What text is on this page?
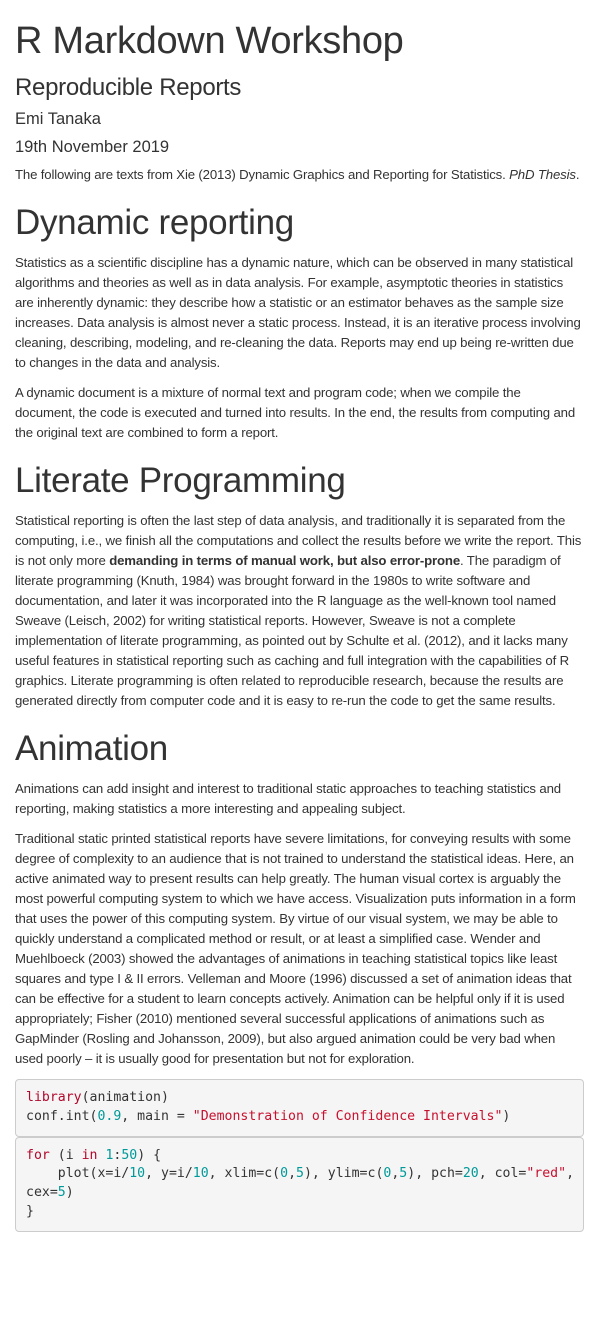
R Markdown Workshop
Reproducible Reports
Emi Tanaka
19th November 2019

The following are texts from Xie (2013) Dynamic Graphics and Reporting for Statistics. PhD Thesis.

Dynamic reporting

Statistics as a scientific discipline has a dynamic nature, which can be observed in many statistical algorithms and theories as well as in data analysis. For example, asymptotic theories in statistics are inherently dynamic: they describe how a statistic or an estimator behaves as the sample size increases. Data analysis is almost never a static process. Instead, it is an iterative process involving cleaning, describing, modeling, and re-cleaning the data. Reports may end up being re-written due to changes in the data and analysis.

A dynamic document is a mixture of normal text and program code; when we compile the document, the code is executed and turned into results. In the end, the results from computing and the original text are combined to form a report.

Literate Programming

Statistical reporting is often the last step of data analysis, and traditionally it is separated from the computing, i.e., we finish all the computations and collect the results before we write the report. This is not only more demanding in terms of manual work, but also error-prone. The paradigm of literate programming (Knuth, 1984) was brought forward in the 1980s to write software and documentation, and later it was incorporated into the R language as the well-known tool named Sweave (Leisch, 2002) for writing statistical reports. However, Sweave is not a complete implementation of literate programming, as pointed out by Schulte et al. (2012), and it lacks many useful features in statistical reporting such as caching and full integration with the capabilities of R graphics. Literate programming is often related to reproducible research, because the results are generated directly from computer code and it is easy to re-run the code to get the same results.

Animation

Animations can add insight and interest to traditional static approaches to teaching statistics and reporting, making statistics a more interesting and appealing subject.

Traditional static printed statistical reports have severe limitations, for conveying results with some degree of complexity to an audience that is not trained to understand the statistical ideas. Here, an active animated way to present results can help greatly. The human visual cortex is arguably the most powerful computing system to which we have access. Visualization puts information in a form that uses the power of this computing system. By virtue of our visual system, we may be able to quickly understand a complicated method or result, or at least a simplified case. Wender and Muehlboeck (2003) showed the advantages of animations in teaching statistical topics like least squares and type I & II errors. Velleman and Moore (1996) discussed a set of animation ideas that can be effective for a student to learn concepts actively. Animation can be helpful only if it is used appropriately; Fisher (2010) mentioned several successful applications of animations such as GapMinder (Rosling and Johansson, 2009), but also argued animation could be very bad when used poorly – it is usually good for presentation but not for exploration.

library(animation)
conf.int(0.9, main = "Demonstration of Confidence Intervals")
for (i in 1:50) {
plot(x=i/10, y=i/10, xlim=c(0,5), ylim=c(0,5), pch=20, col="red",
cex=5)
}
